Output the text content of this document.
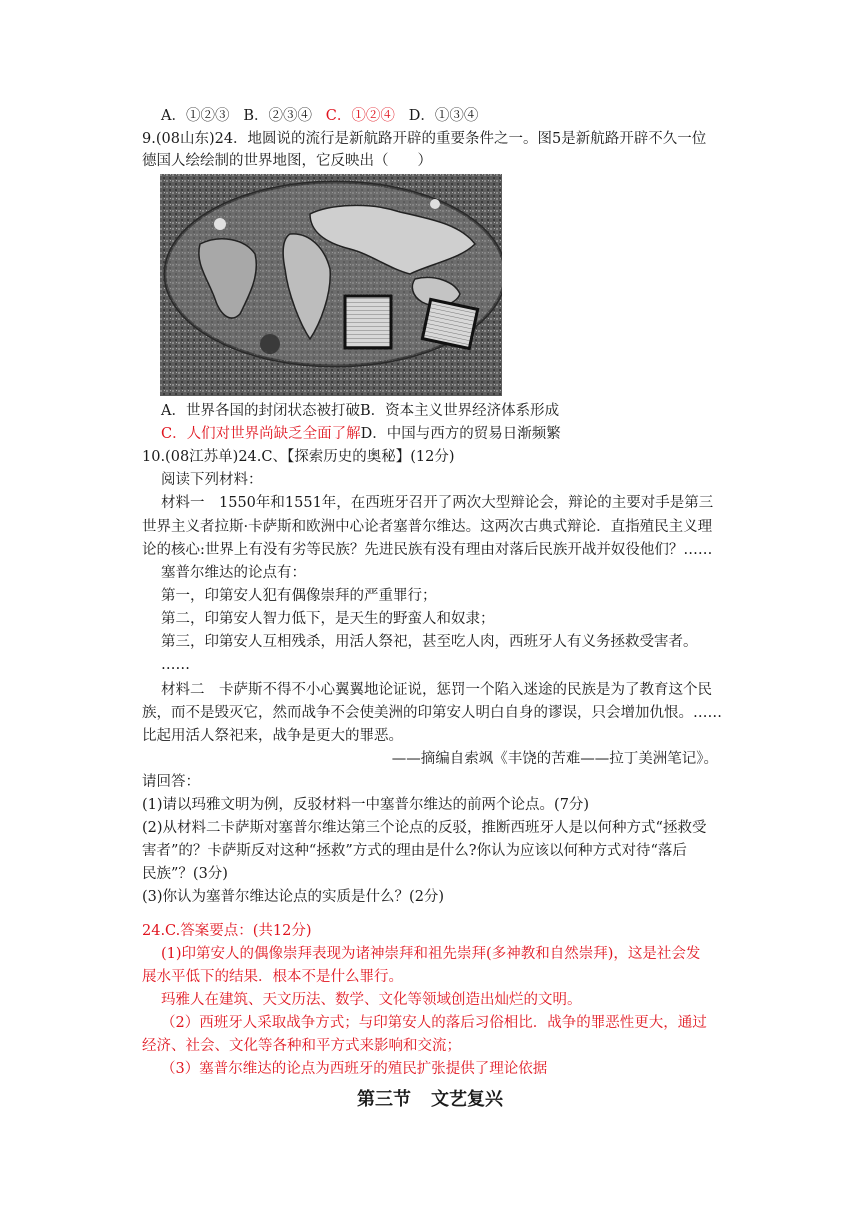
A．①②③ B．②③④ C．①②④ D．①③④
9.(08山东)24．地圆说的流行是新航路开辟的重要条件之一。图5是新航路开辟不久一位
德国人绘绘制的世界地图，它反映出（　　）
A．世界各国的封闭状态被打破B．资本主义世界经济体系形成
C．人们对世界尚缺乏全面了解D．中国与西方的贸易日渐频繁
10.(08江苏单)24.C、【探索历史的奥秘】(12分)
阅读下列材料：
材料一　1550年和1551年，在西班牙召开了两次大型辩论会，辩论的主要对手是第三
世界主义者拉斯·卡萨斯和欧洲中心论者塞普尔维达。这两次古典式辩论．直指殖民主义理
论的核心:世界上有没有劣等民族？先进民族有没有理由对落后民族开战并奴役他们？……
塞普尔维达的论点有：
第一，印第安人犯有偶像崇拜的严重罪行；
第二，印第安人智力低下，是天生的野蛮人和奴隶；
第三，印第安人互相残杀，用活人祭祀，甚至吃人肉，西班牙人有义务拯救受害者。
……
材料二　卡萨斯不得不小心翼翼地论证说，惩罚一个陷入迷途的民族是为了教育这个民
族，而不是毁灭它，然而战争不会使美洲的印第安人明白自身的谬误，只会增加仇恨。……
比起用活人祭祀来，战争是更大的罪恶。
——摘编自索飒《丰饶的苦难——拉丁美洲笔记》。
请回答：
(1)请以玛雅文明为例，反驳材料一中塞普尔维达的前两个论点。(7分)
(2)从材料二卡萨斯对塞普尔维达第三个论点的反驳，推断西班牙人是以何种方式“拯救受
害者”的？卡萨斯反对这种“拯救”方式的理由是什么?你认为应该以何种方式对待“落后
民族”？(3分)
(3)你认为塞普尔维达论点的实质是什么？(2分)
24.C.答案要点：(共12分)
(1)印第安人的偶像崇拜表现为诸神崇拜和祖先崇拜(多神教和自然崇拜)，这是社会发
展水平低下的结果．根本不是什么罪行。
玛雅人在建筑、天文历法、数学、文化等领域创造出灿烂的文明。
（2）西班牙人采取战争方式；与印第安人的落后习俗相比．战争的罪恶性更大，通过
经济、社会、文化等各种和平方式来影响和交流；
（3）塞普尔维达的论点为西班牙的殖民扩张提供了理论依据
第三节 文艺复兴
